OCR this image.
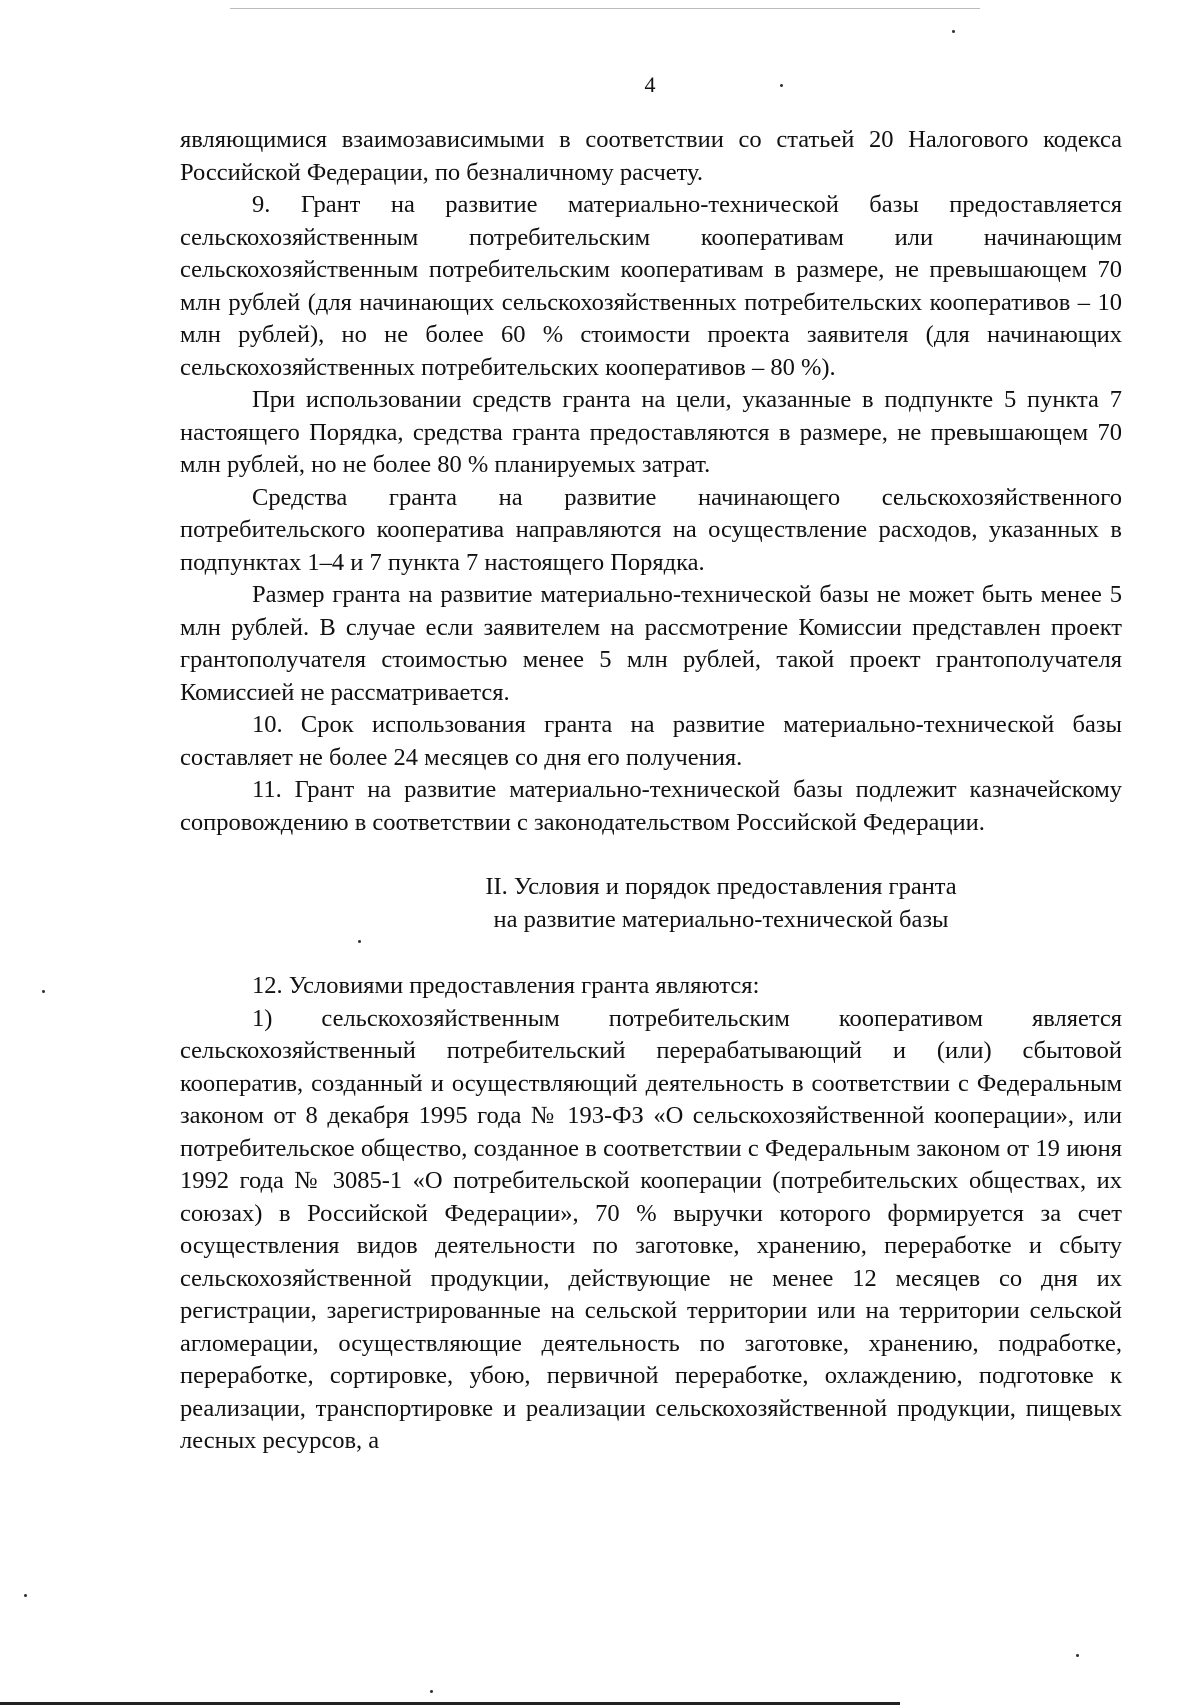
4

являющимися взаимозависимыми в соответствии со статьей 20 Налогового кодекса Российской Федерации, по безналичному расчету.

9. Грант на развитие материально-технической базы предоставляется сельскохозяйственным потребительским кооперативам или начинающим сельскохозяйственным потребительским кооперативам в размере, не превышающем 70 млн рублей (для начинающих сельскохозяйственных потребительских кооперативов – 10 млн рублей), но не более 60 % стоимости проекта заявителя (для начинающих сельскохозяйственных потребительских кооперативов – 80 %).

При использовании средств гранта на цели, указанные в подпункте 5 пункта 7 настоящего Порядка, средства гранта предоставляются в размере, не превышающем 70 млн рублей, но не более 80 % планируемых затрат.

Средства гранта на развитие начинающего сельскохозяйственного потребительского кооператива направляются на осуществление расходов, указанных в подпунктах 1–4 и 7 пункта 7 настоящего Порядка.

Размер гранта на развитие материально-технической базы не может быть менее 5 млн рублей. В случае если заявителем на рассмотрение Комиссии представлен проект грантополучателя стоимостью менее 5 млн рублей, такой проект грантополучателя Комиссией не рассматривается.

10. Срок использования гранта на развитие материально-технической базы составляет не более 24 месяцев со дня его получения.

11. Грант на развитие материально-технической базы подлежит казначейскому сопровождению в соответствии с законодательством Российской Федерации.

II. Условия и порядок предоставления гранта
на развитие материально-технической базы

12. Условиями предоставления гранта являются:

1) сельскохозяйственным потребительским кооперативом является сельскохозяйственный потребительский перерабатывающий и (или) сбытовой кооператив, созданный и осуществляющий деятельность в соответствии с Федеральным законом от 8 декабря 1995 года № 193-ФЗ «О сельскохозяйственной кооперации», или потребительское общество, созданное в соответствии с Федеральным законом от 19 июня 1992 года № 3085-1 «О потребительской кооперации (потребительских обществах, их союзах) в Российской Федерации», 70 % выручки которого формируется за счет осуществления видов деятельности по заготовке, хранению, переработке и сбыту сельскохозяйственной продукции, действующие не менее 12 месяцев со дня их регистрации, зарегистрированные на сельской территории или на территории сельской агломерации, осуществляющие деятельность по заготовке, хранению, подработке, переработке, сортировке, убою, первичной переработке, охлаждению, подготовке к реализации, транспортировке и реализации сельскохозяйственной продукции, пищевых лесных ресурсов, а
